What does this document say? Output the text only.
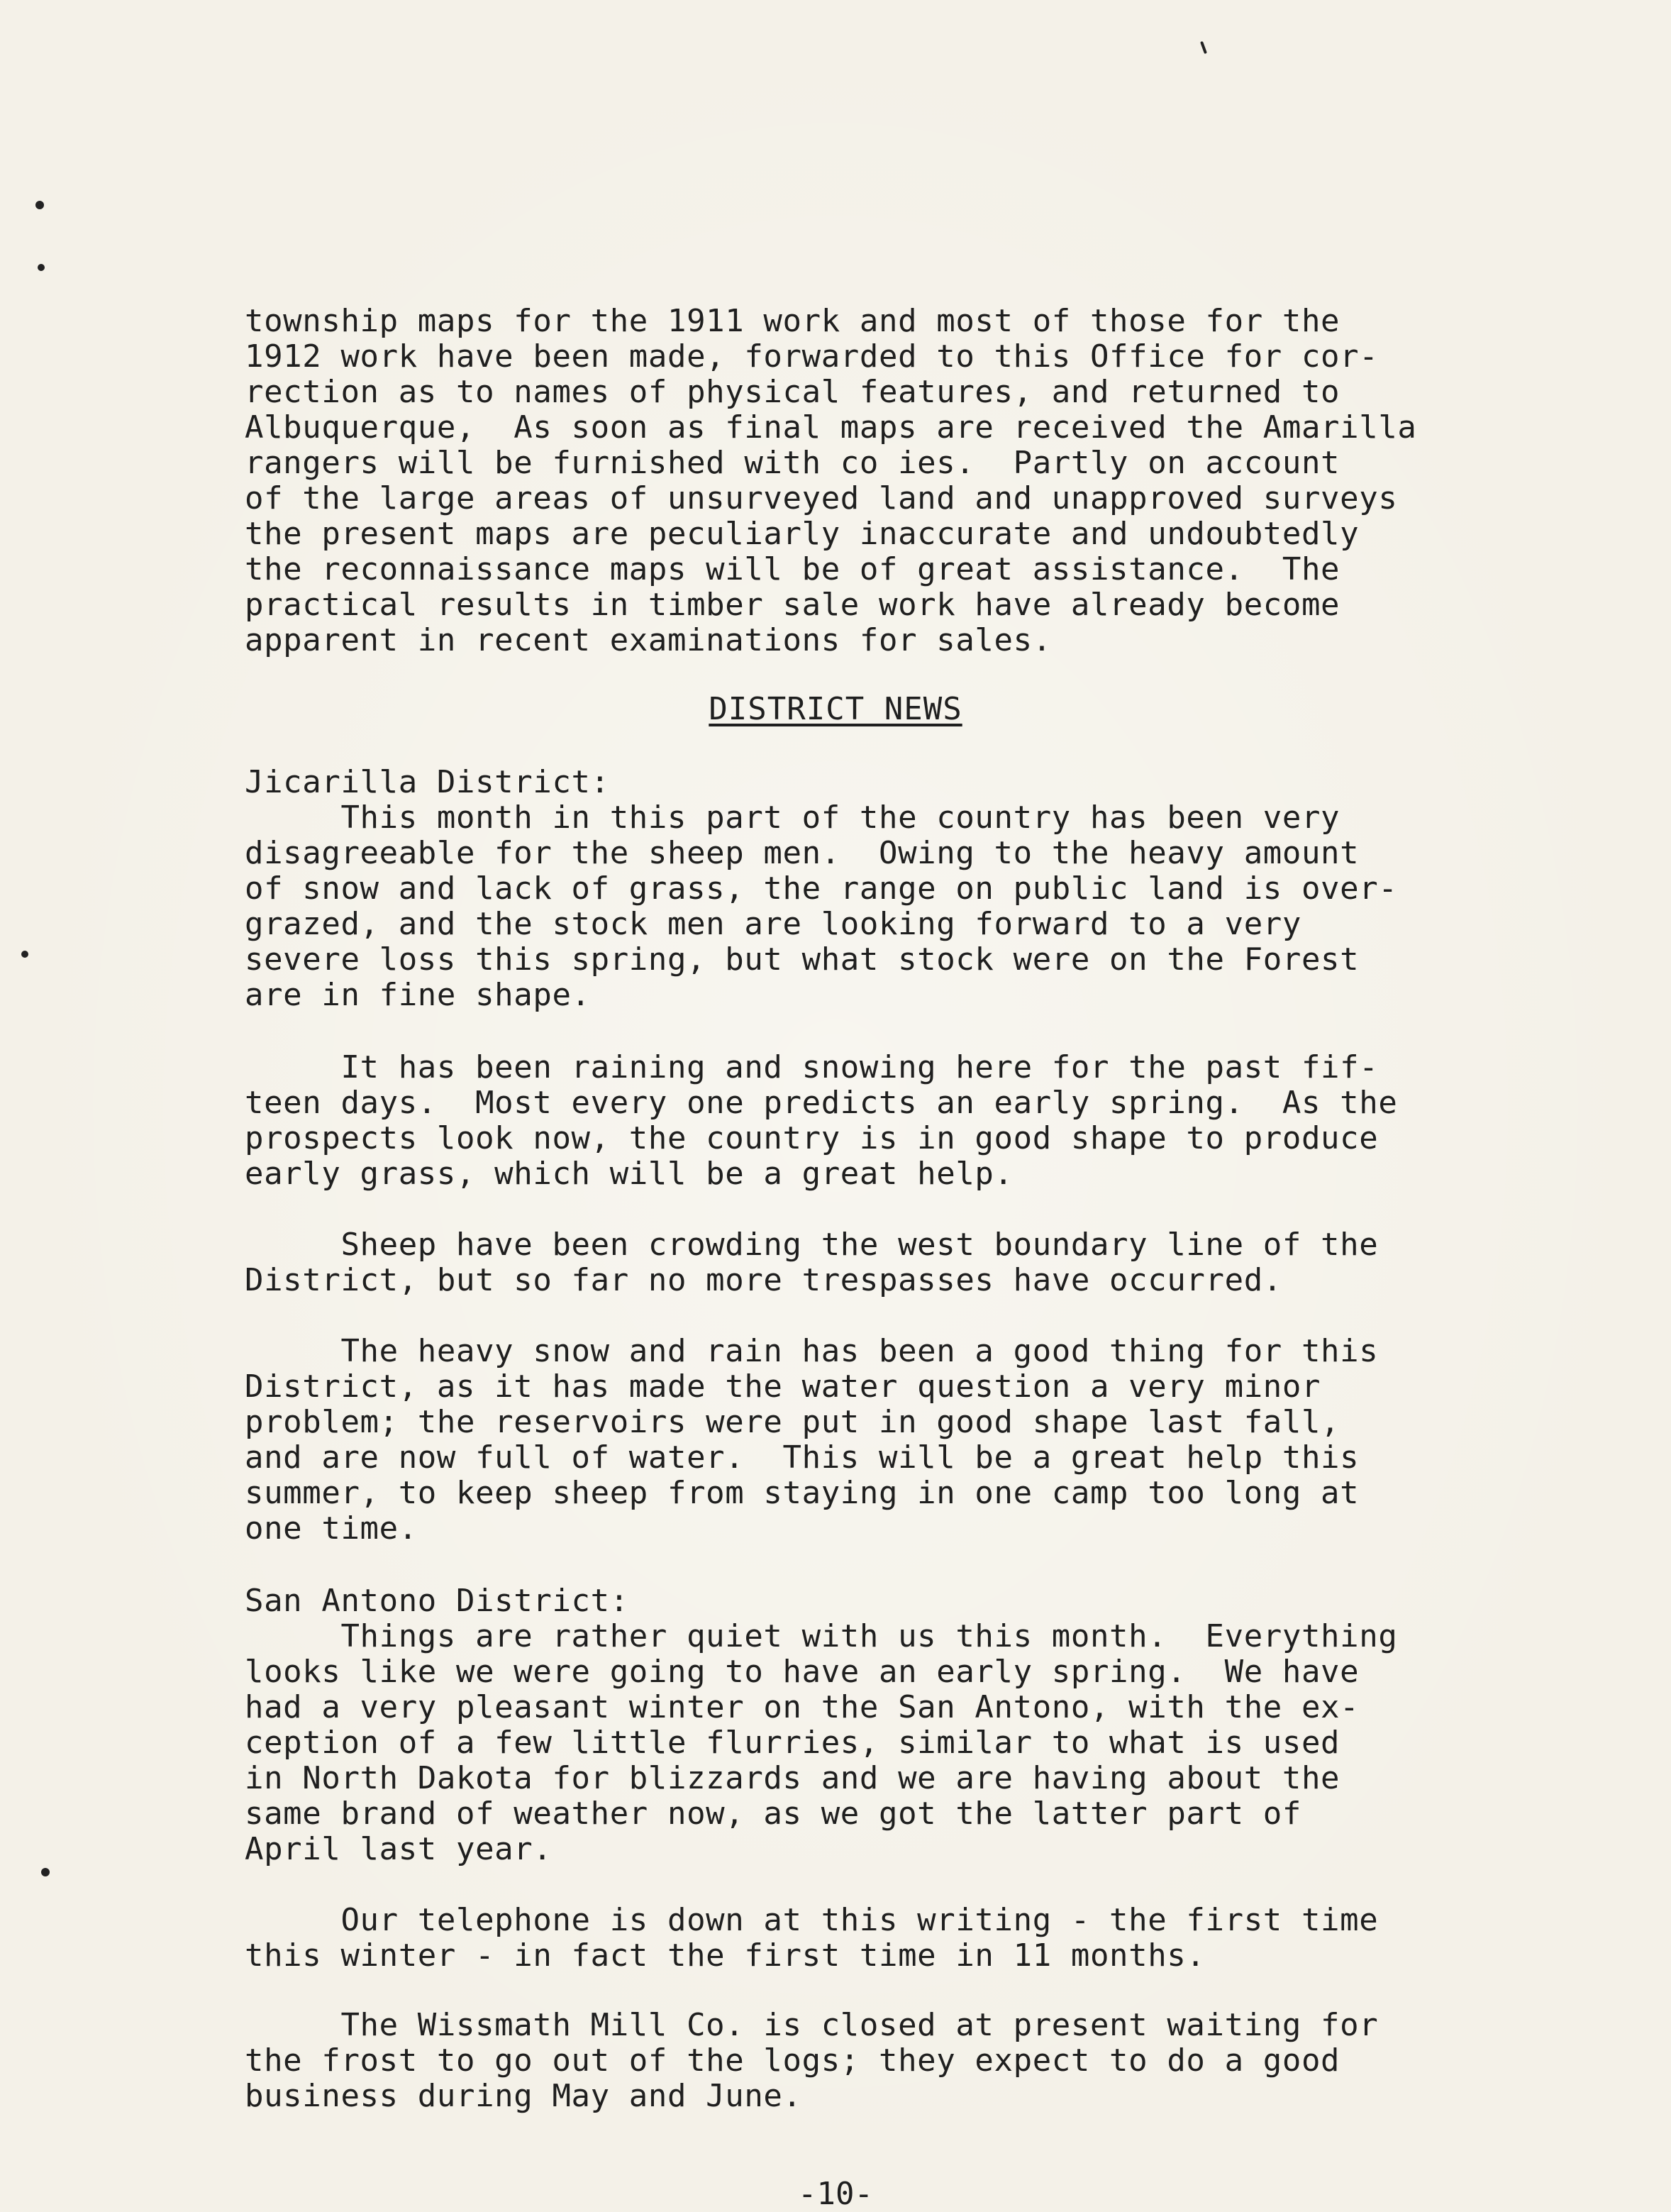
township maps for the 1911 work and most of those for the
1912 work have been made, forwarded to this Office for cor-
rection as to names of physical features, and returned to
Albuquerque,  As soon as final maps are received the Amarilla
rangers will be furnished with co ies.  Partly on account
of the large areas of unsurveyed land and unapproved surveys
the present maps are peculiarly inaccurate and undoubtedly
the reconnaissance maps will be of great assistance.  The
practical results in timber sale work have already become
apparent in recent examinations for sales.
DISTRICT NEWS
Jicarilla District:
This month in this part of the country has been very
disagreeable for the sheep men.  Owing to the heavy amount
of snow and lack of grass, the range on public land is over-
grazed, and the stock men are looking forward to a very
severe loss this spring, but what stock were on the Forest
are in fine shape.
It has been raining and snowing here for the past fif-
teen days.  Most every one predicts an early spring.  As the
prospects look now, the country is in good shape to produce
early grass, which will be a great help.
Sheep have been crowding the west boundary line of the
District, but so far no more trespasses have occurred.
The heavy snow and rain has been a good thing for this
District, as it has made the water question a very minor
problem; the reservoirs were put in good shape last fall,
and are now full of water.  This will be a great help this
summer, to keep sheep from staying in one camp too long at
one time.
San Antono District:
Things are rather quiet with us this month.  Everything
looks like we were going to have an early spring.  We have
had a very pleasant winter on the San Antono, with the ex-
ception of a few little flurries, similar to what is used
in North Dakota for blizzards and we are having about the
same brand of weather now, as we got the latter part of
April last year.
Our telephone is down at this writing - the first time
this winter - in fact the first time in 11 months.
The Wissmath Mill Co. is closed at present waiting for
the frost to go out of the logs; they expect to do a good
business during May and June.
-10-
